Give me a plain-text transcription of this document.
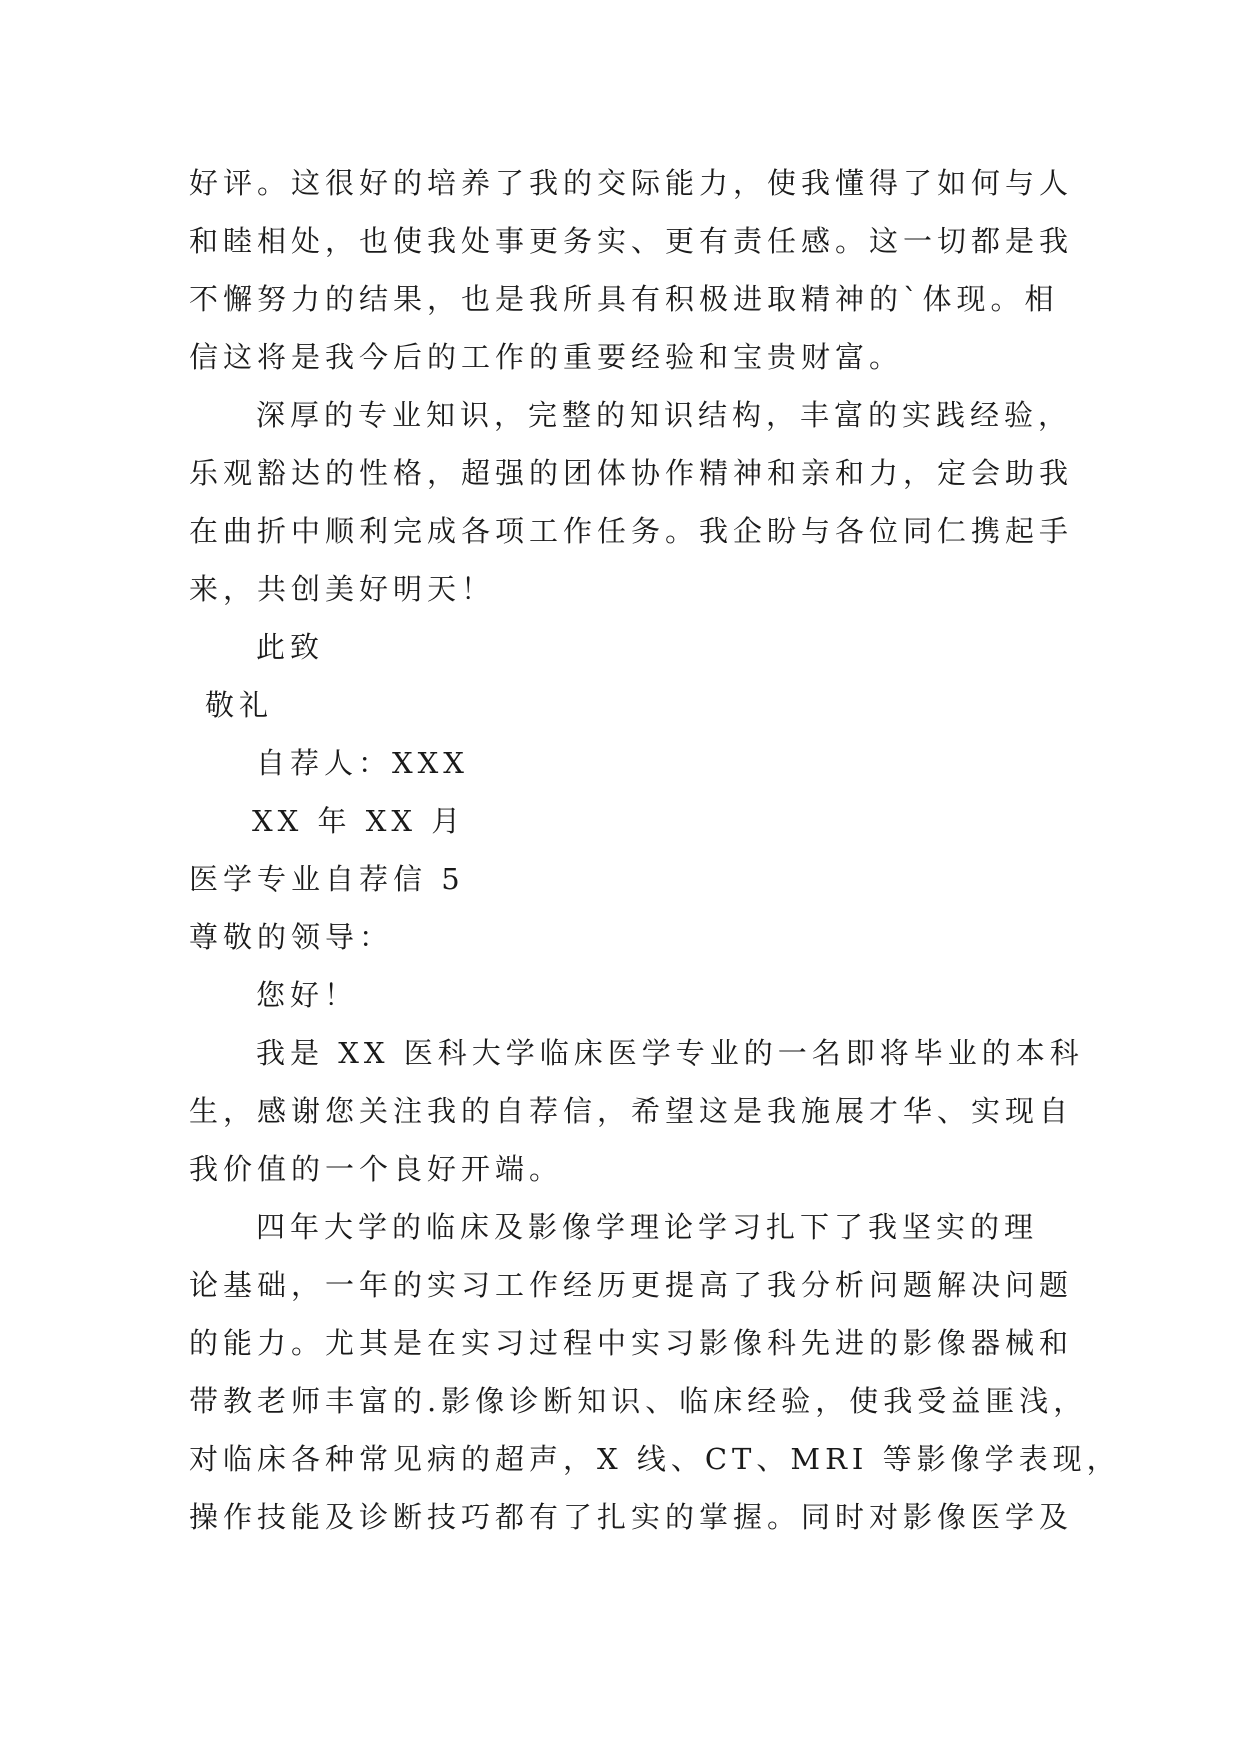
好评。这很好的培养了我的交际能力，使我懂得了如何与人
和睦相处，也使我处事更务实、更有责任感。这一切都是我
不懈努力的结果，也是我所具有积极进取精神的`体现。相
信这将是我今后的工作的重要经验和宝贵财富。
深厚的专业知识，完整的知识结构，丰富的实践经验，
乐观豁达的性格，超强的团体协作精神和亲和力，定会助我
在曲折中顺利完成各项工作任务。我企盼与各位同仁携起手
来，共创美好明天！
此致
敬礼
自荐人：XXX
XX 年 XX 月
医学专业自荐信 5
尊敬的领导：
您好！
我是 XX 医科大学临床医学专业的一名即将毕业的本科
生，感谢您关注我的自荐信，希望这是我施展才华、实现自
我价值的一个良好开端。
四年大学的临床及影像学理论学习扎下了我坚实的理
论基础，一年的实习工作经历更提高了我分析问题解决问题
的能力。尤其是在实习过程中实习影像科先进的影像器械和
带教老师丰富的.影像诊断知识、临床经验，使我受益匪浅，
对临床各种常见病的超声，X 线、CT、MRI 等影像学表现，
操作技能及诊断技巧都有了扎实的掌握。同时对影像医学及
